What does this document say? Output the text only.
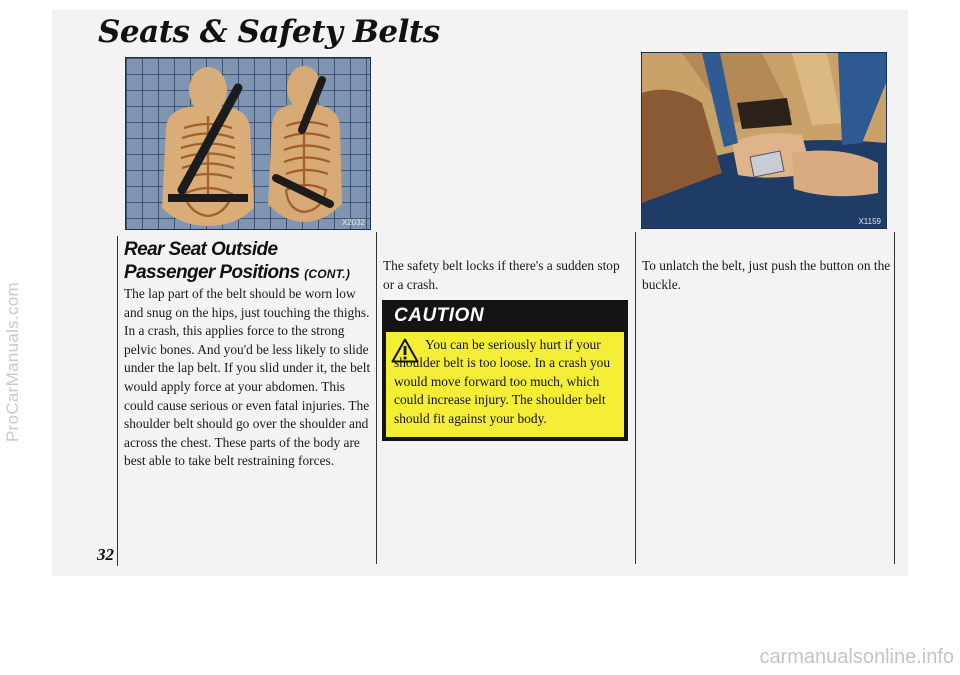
ProCarManuals.com
Seats & Safety Belts
X2032	X1159
Rear Seat Outside Passenger Positions (CONT.)
The lap part of the belt should be worn low and snug on the hips, just touching the thighs. In a crash, this applies force to the strong pelvic bones. And you'd be less likely to slide under the lap belt. If you slid under it, the belt would apply force at your abdomen. This could cause serious or even fatal injuries. The shoulder belt should go over the shoulder and across the chest. These parts of the body are best able to take belt restraining forces.
The safety belt locks if there's a sudden stop or a crash.
CAUTION
You can be seriously hurt if your shoulder belt is too loose. In a crash you would move forward too much, which could increase injury. The shoulder belt should fit against your body.
To unlatch the belt, just push the button on the buckle.
32
carmanualsonline.info
